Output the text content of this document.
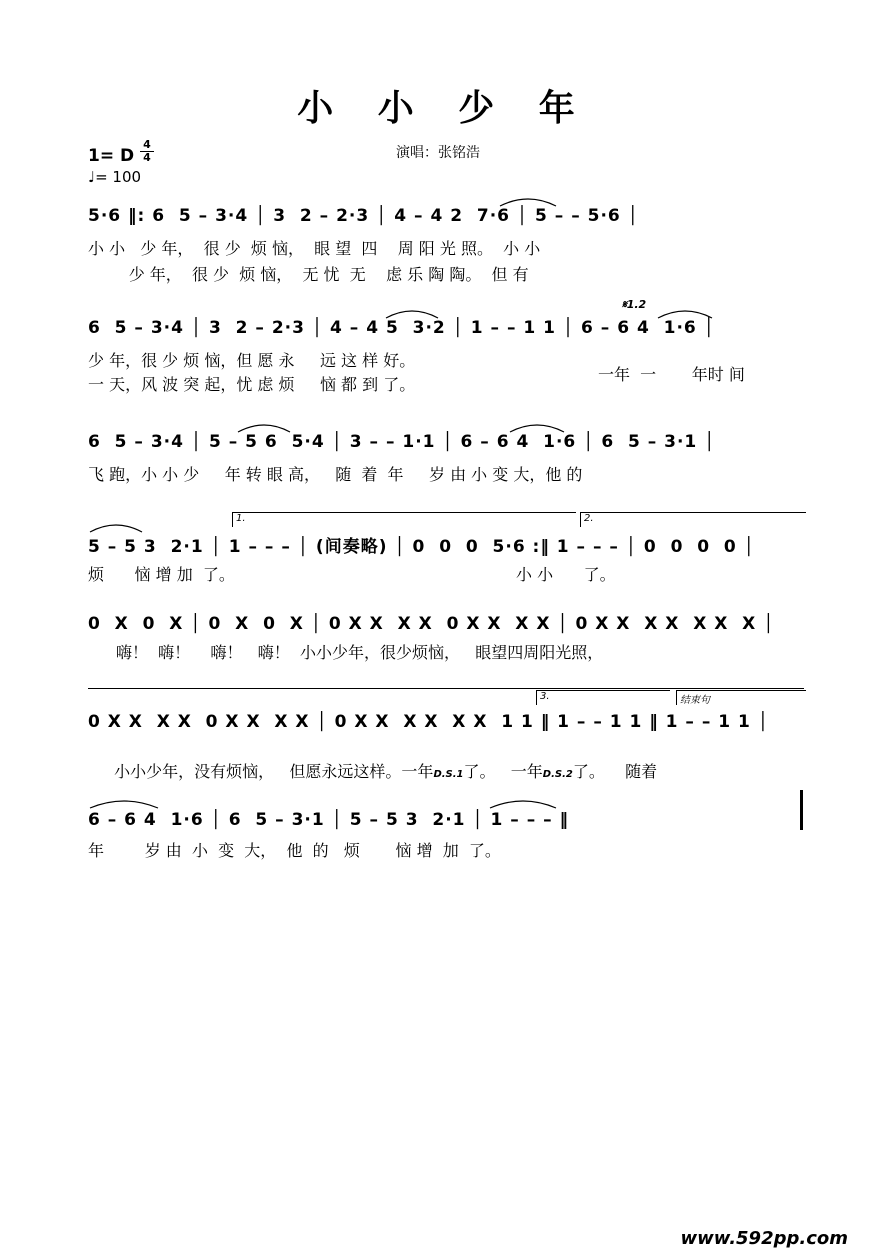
小 小 少 年
演唱：张铭浩
1= D
4
4
♩= 100
5·6 ‖: 6  5 – 3·4 │ 3  2 – 2·3 │ 4 – 4 2  7·6 │ 5 – – 5·6 │
小 小   少 年，  很 少  烦 恼，  眼 望  四    周 阳 光 照。  小 小
少 年，  很 少  烦 恼，  无 忧  无    虑 乐 陶 陶。  但 有
𝄋1.2
6  5 – 3·4 │ 3  2 – 2·3 │ 4 – 4 5  3·2 │ 1 – – 1 1 │ 6 – 6 4  1·6 │
少 年，很 少 烦 恼，但 愿 永     远 这 样 好。
一 天，风 波 突 起，忧 虑 烦     恼 都 到 了。
一年  一       年时 间
6  5 – 3·4 │ 5 – 5 6  5·4 │ 3 – – 1·1 │ 6 – 6 4  1·6 │ 6  5 – 3·1 │
飞 跑，小 小 少     年 转 眼 高，   随  着  年     岁 由 小 变 大，他 的
1.	2.
5 – 5 3  2·1 │ 1 – – – │ (间奏略) │ 0  0  0  5·6 :‖ 1 – – – │ 0  0  0  0 │
烦      恼 增 加  了。	小 小      了。
0  X  0  X │ 0  X  0  X │ 0 X X  X X  0 X X  X X │ 0 X X  X X  X X  X │
嗨！  嗨！    嗨！   嗨！  小小少年，很少烦恼，   眼望四周阳光照，
3.	结束句
0 X X  X X  0 X X  X X │ 0 X X  X X  X X  1 1 ‖ 1 – – 1 1 ‖ 1 – – 1 1 │

小小少年，没有烦恼，   但愿永远这样。一年D.S.1了。   一年D.S.2了。    随着

6 – 6 4  1·6 │ 6  5 – 3·1 │ 5 – 5 3  2·1 │ 1 – – – ‖
年        岁 由  小  变  大，  他  的   烦       恼 增  加  了。
www.592pp.com
